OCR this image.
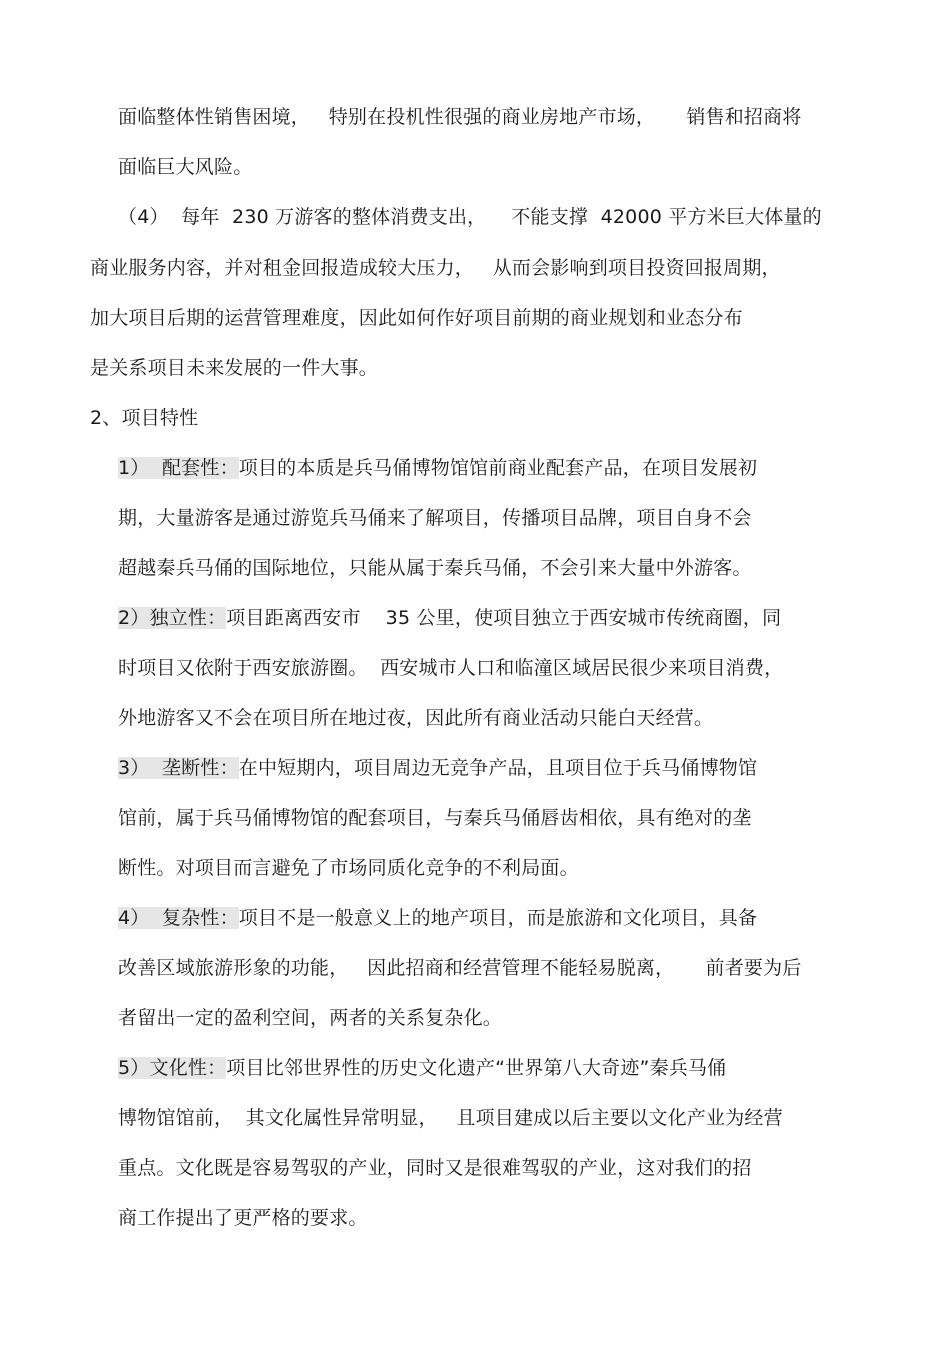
面临整体性销售困境，   特别在投机性很强的商业房地产市场，     销售和招商将
面临巨大风险。
（4）  每年  230 万游客的整体消费支出，    不能支撑  42000 平方米巨大体量的
商业服务内容，并对租金回报造成较大压力，   从而会影响到项目投资回报周期，
加大项目后期的运营管理难度，因此如何作好项目前期的商业规划和业态分布
是关系项目未来发展的一件大事。
2、项目特性
1）  配套性：项目的本质是兵马俑博物馆馆前商业配套产品，在项目发展初
期，大量游客是通过游览兵马俑来了解项目，传播项目品牌，项目自身不会
超越秦兵马俑的国际地位，只能从属于秦兵马俑，不会引来大量中外游客。
2）独立性：项目距离西安市    35 公里，使项目独立于西安城市传统商圈，同
时项目又依附于西安旅游圈。  西安城市人口和临潼区域居民很少来项目消费，
外地游客又不会在项目所在地过夜，因此所有商业活动只能白天经营。
3）  垄断性：在中短期内，项目周边无竞争产品，且项目位于兵马俑博物馆
馆前，属于兵马俑博物馆的配套项目，与秦兵马俑唇齿相依，具有绝对的垄
断性。对项目而言避免了市场同质化竞争的不利局面。
4）  复杂性：项目不是一般意义上的地产项目，而是旅游和文化项目，具备
改善区域旅游形象的功能，   因此招商和经营管理不能轻易脱离，     前者要为后
者留出一定的盈利空间，两者的关系复杂化。
5）文化性：项目比邻世界性的历史文化遗产“世界第八大奇迹”秦兵马俑
博物馆馆前，  其文化属性异常明显，   且项目建成以后主要以文化产业为经营
重点。文化既是容易驾驭的产业，同时又是很难驾驭的产业，这对我们的招
商工作提出了更严格的要求。
